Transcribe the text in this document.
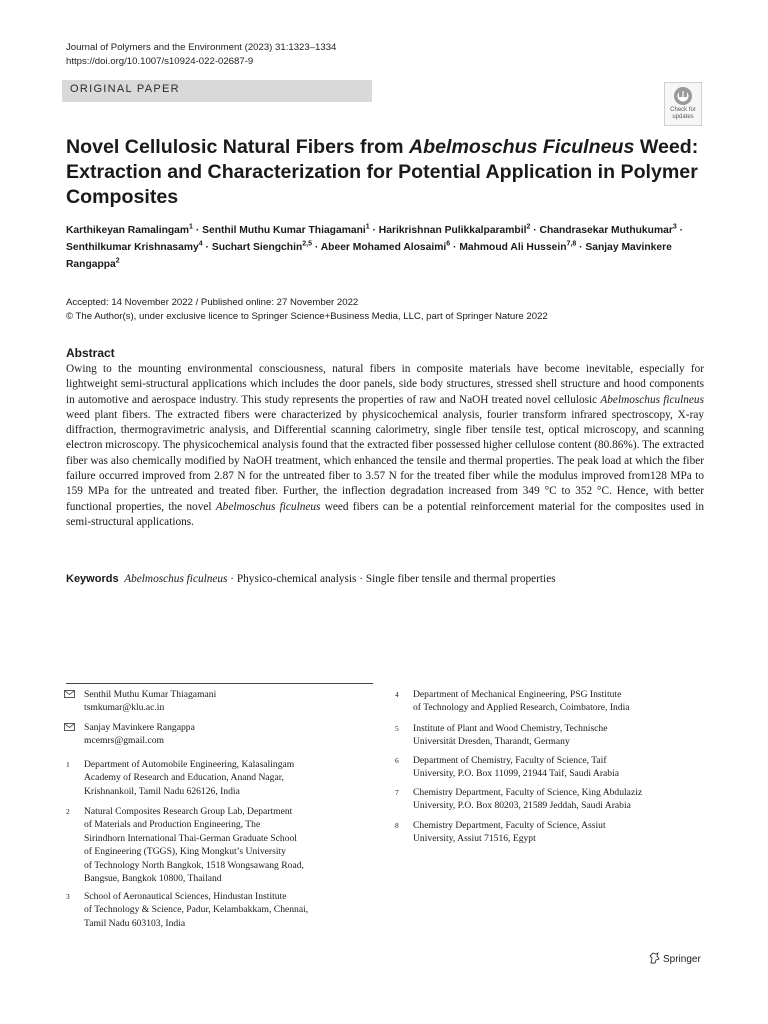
Journal of Polymers and the Environment (2023) 31:1323–1334
https://doi.org/10.1007/s10924-022-02687-9
ORIGINAL PAPER
Check for updates
Novel Cellulosic Natural Fibers from Abelmoschus Ficulneus Weed: Extraction and Characterization for Potential Application in Polymer Composites
Karthikeyan Ramalingam$^1$ · Senthil Muthu Kumar Thiagamani$^1$ · Harikrishnan Pulikkalparambil$^2$ · Chandrasekar Muthukumar$^3$ · Senthilkumar Krishnasamy$^4$ · Suchart Siengchin$^{2,5}$ · Abeer Mohamed Alosaimi$^6$ · Mahmoud Ali Hussein$^{7,8}$ · Sanjay Mavinkere Rangappa$^2$
Accepted: 14 November 2022 / Published online: 27 November 2022
© The Author(s), under exclusive licence to Springer Science+Business Media, LLC, part of Springer Nature 2022
Abstract

Owing to the mounting environmental consciousness, natural fibers in composite materials have become inevitable, especially for lightweight semi-structural applications which includes the door panels, side body structures, stressed shell structure and hood components in automotive and aerospace industry. This study represents the properties of raw and NaOH treated novel cellulosic Abelmoschus ficulneus weed plant fibers. The extracted fibers were characterized by physicochemical analysis, fourier transform infrared spectroscopy, X-ray diffraction, thermogravimetric analysis, and Differential scanning calorimetry, single fiber tensile test, optical microscopy, and scanning electron microscopy. The physicochemical analysis found that the extracted fiber possessed higher cellulose content (80.86%). The extracted fiber was also chemically modified by NaOH treatment, which enhanced the tensile and thermal properties. The peak load at which the fiber failure occurred improved from 2.87 N for the untreated fiber to 3.57 N for the treated fiber while the modulus improved from128 MPa to 159 MPa for the untreated and treated fiber. Further, the inflection degradation increased from 349 °C to 352 °C. Hence, with better functional properties, the novel Abelmoschus ficulneus weed fibers can be a potential reinforcement material for the composites used in semi-structural applications.

Keywords Abelmoschus ficulneus · Physico-chemical analysis · Single fiber tensile and thermal properties
Senthil Muthu Kumar Thiagamani
tsmkumar@klu.ac.in
Sanjay Mavinkere Rangappa
mcemrs@gmail.com
1 Department of Automobile Engineering, Kalasalingam
Academy of Research and Education, Anand Nagar,
Krishnankoil, Tamil Nadu 626126, India
2 Natural Composites Research Group Lab, Department
of Materials and Production Engineering, The
Sirindhorn International Thai-German Graduate School
of Engineering (TGGS), King Mongkut’s University
of Technology North Bangkok, 1518 Wongsawang Road,
Bangsue, Bangkok 10800, Thailand
3 School of Aeronautical Sciences, Hindustan Institute
of Technology & Science, Padur, Kelambakkam, Chennai,
Tamil Nadu 603103, India
4 Department of Mechanical Engineering, PSG Institute
of Technology and Applied Research, Coimbatore, India
5 Institute of Plant and Wood Chemistry, Technische
Universität Dresden, Tharandt, Germany
6 Department of Chemistry, Faculty of Science, Taif
University, P.O. Box 11099, 21944 Taif, Saudi Arabia
7 Chemistry Department, Faculty of Science, King Abdulaziz
University, P.O. Box 80203, 21589 Jeddah, Saudi Arabia
8 Chemistry Department, Faculty of Science, Assiut
University, Assiut 71516, Egypt
Springer
